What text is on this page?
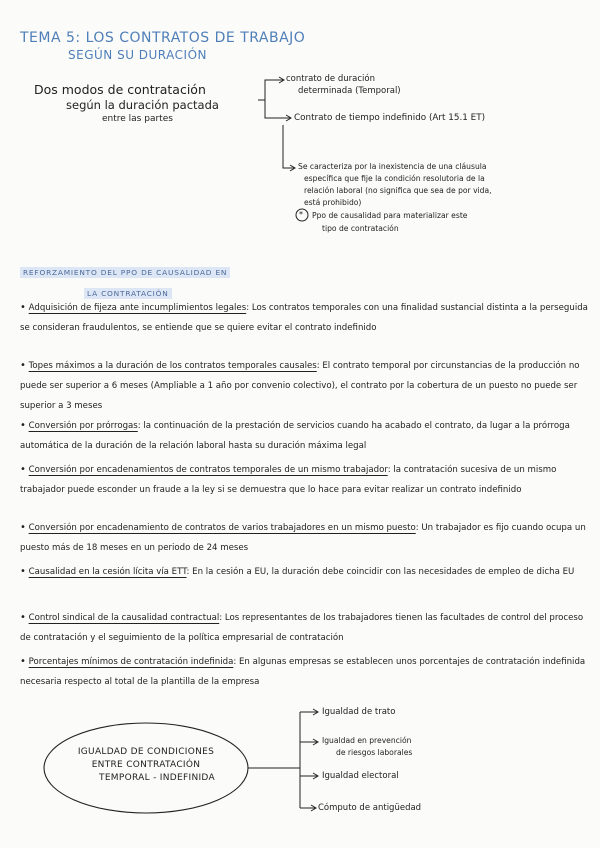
TEMA 5: LOS CONTRATOS DE TRABAJO
SEGÚN SU DURACIÓN
Dos modos de contratación
según la duración pactada
entre las partes
contrato de duración
determinada (Temporal)
Contrato de tiempo indefinido (Art 15.1 ET)
Se caracteriza por la inexistencia de una cláusula
específica que fije la condición resolutoria de la
relación laboral (no significa que sea de por vida,
está prohibido)
* Ppo de causalidad para materializar este
tipo de contratación
REFORZAMIENTO DEL PPO DE CAUSALIDAD EN
LA CONTRATACIÓN
• Adquisición de fijeza ante incumplimientos legales: Los contratos temporales con una finalidad sustancial distinta a la perseguida se consideran fraudulentos, se entiende que se quiere evitar el contrato indefinido
• Topes máximos a la duración de los contratos temporales causales: El contrato temporal por circunstancias de la producción no puede ser superior a 6 meses (Ampliable a 1 año por convenio colectivo), el contrato por la cobertura de un puesto no puede ser superior a 3 meses
• Conversión por prórrogas: la continuación de la prestación de servicios cuando ha acabado el contrato, da lugar a la prórroga automática de la duración de la relación laboral hasta su duración máxima legal
• Conversión por encadenamientos de contratos temporales de un mismo trabajador: la contratación sucesiva de un mismo trabajador puede esconder un fraude a la ley si se demuestra que lo hace para evitar realizar un contrato indefinido
• Conversión por encadenamiento de contratos de varios trabajadores en un mismo puesto: Un trabajador es fijo cuando ocupa un puesto más de 18 meses en un periodo de 24 meses
• Causalidad en la cesión lícita vía ETT: En la cesión a EU, la duración debe coincidir con las necesidades de empleo de dicha EU
• Control sindical de la causalidad contractual: Los representantes de los trabajadores tienen las facultades de control del proceso de contratación y el seguimiento de la política empresarial de contratación
• Porcentajes mínimos de contratación indefinida: En algunas empresas se establecen unos porcentajes de contratación indefinida necesaria respecto al total de la plantilla de la empresa
IGUALDAD DE CONDICIONES
ENTRE CONTRATACIÓN
TEMPORAL - INDEFINIDA
Igualdad de trato
Igualdad en prevención
de riesgos laborales
Igualdad electoral
Cómputo de antigüedad
